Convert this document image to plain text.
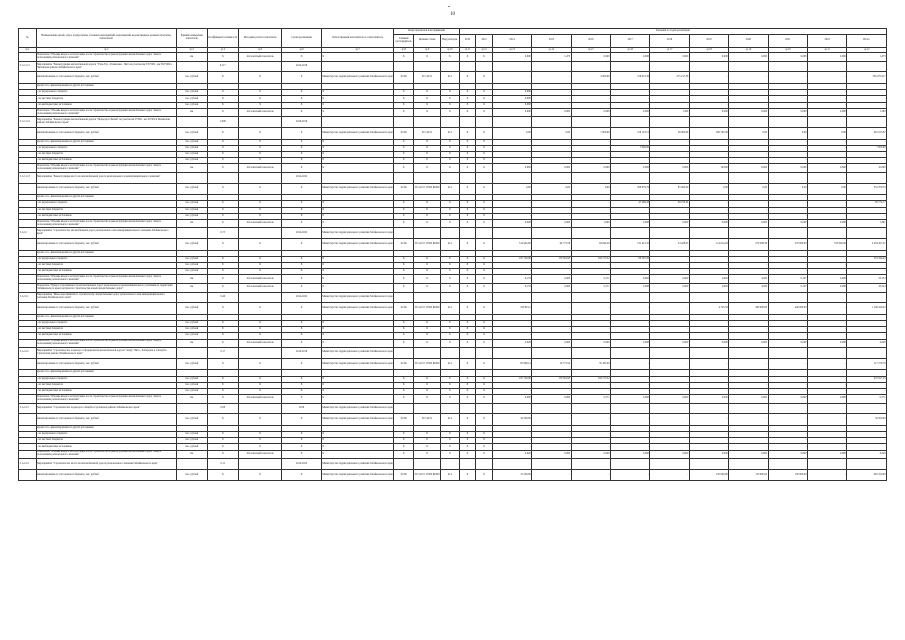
10
№	Наименование целей, задач, подпрограмм, основных мероприятий, мероприятий, ведомственных целевых программ, показателей	Единица измерения показателя	Коэффициент значимости	Методика расчета показателя	Сроки реализации	Ответственный исполнитель и соисполнитель	Коды бюджетной классификации			Значения по годам реализации											
							Главный распорядитель	Целевая статья	Вид расходов	2010	2012	2014	2015	2016	2017	2018	2019	2020	2021	2022	Итого
гр.1	гр.2	гр.3	гр.4	гр.5	гр.6	гр.7	гр.8	гр.9	гр.10	гр.11	гр.12	гр.13	гр.14	гр.15	гр.16	гр.17	гр.18	гр.19	гр.20	гр.21	гр.22
	Показатель "Объемы ввода в эксплуатацию после строительства и реконструкции автомобильных дорог общего пользования регионального значения"	км	X	Абсолютный показатель	X	X	X	X	X	X	X	0,000	1,475	0,000	0,000	0,000	0,000	0,000	0,000	0,000	1,475
3.1.2.1.11	Мероприятие "Реконструкция автомобильной дороги "Улан-Удэ - Романовка - Чита на участке км 535+000 - км 550+000 в Читинском районе Забайкальского края"		0,117		2014-2016																
	финансирование за счет краевого бюджета, тыс. рублей	тыс. рублей	X	X	X	Министерство территориального развития Забайкальского края	04 09	315 42 01	414	X	X	-	-	4 000,00	156 915,38	275 217,38	-	-	-	-	350 275,317
	кроме того, финансирование из других источников:																				
	- из федерального бюджета	тыс. рублей	X	X	X	X	X	X	X	X	X	0,000	-	-	-	-	-	-	-	-	-
	- из местных бюджетов	тыс. рублей	X	X	X	X	X	X	X	X	X	0,000	-	-	-	-	-	-	-	-	-
	- из внебюджетных источников	тыс. рублей	X	X	X	X	X	X	X	X	X	0,000	-	-	-	-	-	-	-	-	-
	Показатель "Объемы ввода в эксплуатацию после строительства и реконструкции автомобильных дорог общего пользования регионального значения"	км	X	Абсолютный показатель	X	X	X	X	X	X	X	0,000	0,000	0,000	0,000	1,580	0,000	0,000	0,000	0,000	1,580
3.1.2.1.12	Мероприятие "Реконструкция автомобильной дороги "Подъезд к г.Балей" на участке км 0+000 - км 10+000 в Читинском районе Забайкальского края"		1,000		2016-2019																
	финансирование за счет краевого бюджета, тыс. рублей	тыс. рублей	X	X	X	Министерство территориального развития Забайкальского края	04 09	315 42 01	414	X	X	0,00	0,00	7 000,00	128 123,51	56 000,00	300 792,36	0,00	0,00	0,00	491 915,87
	кроме того, финансирование из других источников:	тыс. рублей	X	X	X	X	X	X	X	X	X	-	-	-	-	-	-	-	-	-	-
	- из федерального бюджета	тыс. рублей	X	X	X	X	X	X	X	X	X	-	-	-	7 000,00	-	-	-	-	-	7 000,00
	- из местных бюджетов	тыс. рублей	X	X	X	X	X	X	X	X	X	-	-	-	-	-	-	-	-	-	-
	- из внебюджетных источников	тыс. рублей	X	X	X	X	X	X	X	X	X	-	-	-	-	-	-	-	-	-	-
	Показатель "Объемы ввода в эксплуатацию после строительства и реконструкции автомобильных дорог общего пользования регионального значения"	км	X	Абсолютный показатель	X	X	X	X	X	X	X	0,000	0,000	0,000	0,000	0,000	10,000	0,000	0,000	0,000	10,000
3.1.2.1.13	Мероприятие "Реконструкция моста на автомобильной дороге регионального и межмуниципального значения"				2014-2022																
	финансирование за счет краевого бюджета, тыс. рублей	тыс. рублей	X	X	X	Министерство территориального развития Забайкальского края	04 09	315 42 01 15300 R0540	414	X	X	0,00	0,00	0,00	266 879,79	85 000,00	0,00	0,00	0,00	0,00	351 879,79
	кроме того, финансирование из других источников:																				
	- из федерального бюджета	тыс. рублей	X	X	X	X	X	X	X	X	X	-	-	-	47 498,43	48 276,34	-	-	-	-	95 774,77
	- из местных бюджетов	тыс. рублей	X	X	X	X	X	X	X	X	X	-	-	-	-	-	-	-	-	-	-
	- из внебюджетных источников	тыс. рублей	X	X	X	X	X	X	X	X	X	-	-	-	-	-	-	-	-	-	-
	Показатель "Объемы ввода в эксплуатацию после строительства и реконструкции автомобильных дорог общего пользования регионального значения"	км	X	Абсолютный показатель	X	X	X	X	X	X	X	0,000	0,000	1,000	0,000	0,000	0,000	0,000	0,000	0,000	7,891
3.1.2.2	Мероприятие "Строительство автомобильных дорог регионального или межмуниципального значения Забайкальского края"		0,75		2014-2022	Министерство территориального развития Забайкальского края															
	финансирование за счет краевого бюджета, тыс. рублей	тыс. рублей	X	X	X	Министерство территориального развития Забайкальского края	04 09	315 42 01 15300 R0540	414	X	X	314 942,00	94 775,56	83 944,29	131 421,35	54 428,05	114 614,28	270 298,59	570 000,00	570 000,00	2 204 201,31
	кроме того, финансирование из других источников:																				
	- из федерального бюджета	тыс. рублей	X	X	X	X	X	X	X	X	X	197 720,00	170 381,93	104 715,32	80 507,20	-	-	-	-	-	553 324,45
	- из местных бюджетов	тыс. рублей	X	X	X	X	X	X	X	X	X	-	-	-	-	-	-	-	-	-	-
	- из внебюджетных источников	тыс. рублей	X	X	X	X	X	X	X	X	X	-	-	-	-	-	-	-	-	-	-
	Показатель "Объемы ввода в эксплуатацию после строительства и реконструкции автомобильных дорог общего пользования регионального значения"	км	X	Абсолютный показатель	X	X	X	X	X	X	X	9,153	0,000	0,571	9,682	0,000	4,802	3,200	0,107	0,000	33,534
	Показатель "Прирост протяженности автомобильных дорог регионального (межмуниципального) значения на территории Забайкальского края в результате строительства новых автомобильных дорог"	км	X	Абсолютный показатель	X	X	X	X	X	X	X	9,153	0,000	0,571	0,000	0,000	4,802	3,200	0,107	0,000	16,524
3.1.2.2.1	Мероприятие "Иные мероприятия по строительству автомобильных дорог регионального или межмуниципального значения Забайкальского края"		0,46		2014-2022	Министерство территориального развития Забайкальского края															
	финансирование за счет краевого бюджета, тыс. рублей	тыс. рублей	X	X	X	Министерство территориального развития Забайкальского края	04 09	315 42 01 15300 R0540	414	X	X	230 619,1	-	-	-	-	4 745,58	400 000,00	440 000,00	-	1 109 220,22
	кроме того, финансирование из других источников:																				
	- из федерального бюджета	тыс. рублей	X	X	X	X	X	X	X	X	X	-	-	-	-	-	-	-	-	-	-
	- из местных бюджетов	тыс. рублей	X	X	X	X	X	X	X	X	X	-	-	-	-	-	-	-	-	-	-
	- из внебюджетных источников	тыс. рублей	X	X	X	X	X	X	X	X	X	-	-	-	-	-	-	-	-	-	-
	Показатель "Объемы ввода в эксплуатацию после строительства и реконструкции автомобильных дорог общего пользования регионального значения"	км	X	Абсолютный показатель	X	X	X	X	X	X	X	4,026	0,000	0,000	0,000	0,000	0,000	0,000	0,000	0,000	4,026
3.1.2.2.2	Мероприятие "Строительство подъезда от федеральной автомобильной дороги "Амур" Чита - Хабаровск к с.Кокуй в Сретенском районе Забайкальского края"		0,17		2014-2016	Министерство территориального развития Забайкальского края															
	финансирование за счет краевого бюджета, тыс. рублей	тыс. рублей	X	X	X	Министерство территориального развития Забайкальского края	04 09	315 42 01 15300 R0540	414	X	X	65 069,14	16 775,54	35 432,00	-	-	-	-	-	-	117 276,78
	кроме того, финансирование из других источников:																				
	- из федерального бюджета	тыс. рублей	X	X	X	X	X	X	X	X	X	197 720,00	170 381,93	104 715,32	-	-	-	-	-	-	472 817,25
	- из местных бюджетов	тыс. рублей	X	X	X	X	X	X	X	X	X	-	-	-	-	-	-	-	-	-	-
	- из внебюджетных источников	тыс. рублей	X	X	X	X	X	X	X	X	X	-	-	-	-	-	-	-	-	-	-
	Показатель "Объемы ввода в эксплуатацию после строительства и реконструкции автомобильных дорог общего пользования регионального значения"	км	X	Абсолютный показатель	X	X	X	X	X	X	X	0,000	0,000	0,571	0,000	0,000	0,000	0,000	0,000	0,000	0,571
3.1.2.2.3	Мероприятие "Строительство подъезда к с.Кокуй в Сретенском районе Забайкальского края"		0,08		2016	Министерство территориального развития Забайкальского края															
	финансирование за счет краевого бюджета, тыс. рублей	тыс. рублей	X	X	X	Министерство территориального развития Забайкальского края	04 09	315 42 01	414	X	X	34 500,00	-	-	-	-	-	-	-	-	34 500,00
	кроме того, финансирование из других источников:																				
	- из федерального бюджета	тыс. рублей	X	X	X	X	X	X	X	X	X	-	-	-	-	-	-	-	-	-	-
	- из местных бюджетов	тыс. рублей	X	X	X	X	X	X	X	X	X	-	-	-	-	-	-	-	-	-	-
	- из внебюджетных источников	тыс. рублей	X	X	X	X	X	X	X	X	X	-	-	-	-	-	-	-	-	-	-
	Показатель "Объемы ввода в эксплуатацию после строительства и реконструкции автомобильных дорог общего пользования регионального значения"	км	X	Абсолютный показатель	X	X	X	X	X	X	X	4,026	0,000	0,000	0,000	0,000	0,000	0,000	0,000	0,000	4,026
3.1.2.2.4	Мероприятие "Строительство моста на автомобильной дороге регионального значения Забайкальского края"		0,11		2014-2022	Министерство территориального развития Забайкальского края															
	финансирование за счет краевого бюджета, тыс. рублей	тыс. рублей	X	X	X	Министерство территориального развития Забайкальского края	04 09	315 42 01 15300 R0540	414	X	X	15 250,00	-	-	-	-	150 000,00	150 000,00	150 000,00	-	465 250,00
